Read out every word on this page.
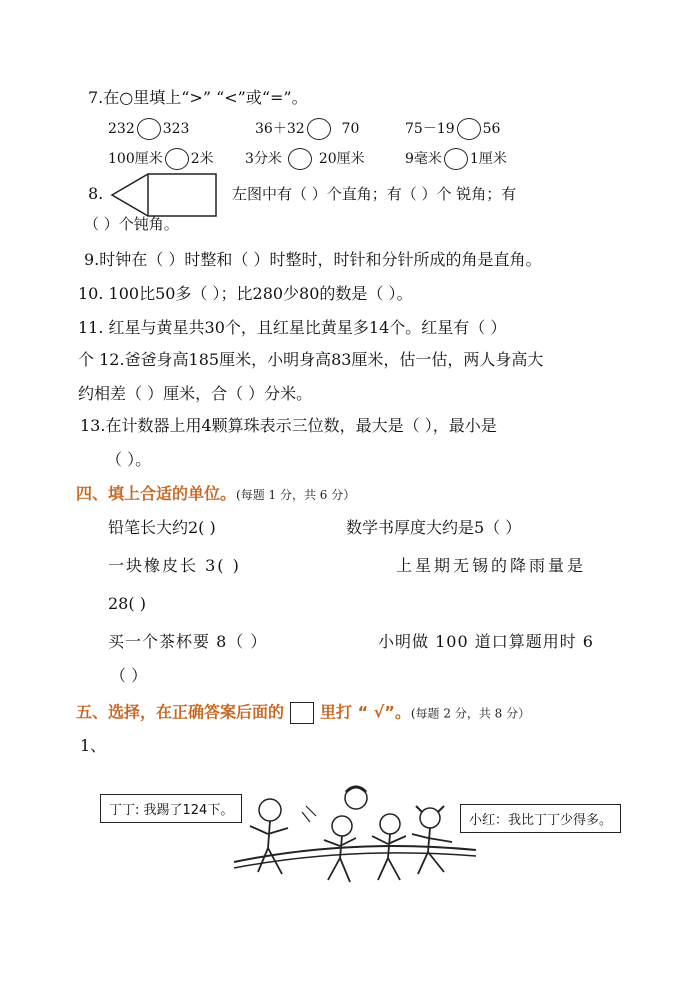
7.在○里填上“>” “<”或“=”。
232 323	36＋32	70	75－19 56
100厘米 2米 3分米	20厘米	9毫米 1厘米
8.	左图中有（ ）个直角；有（ ）个 锐角；有
（ ）个钝角。
9.时钟在（ ）时整和（ ）时整时，时针和分针所成的角是直角。
10. 100比50多（ ）；比280少80的数是（ ）。
11. 红星与黄星共30个，且红星比黄星多14个。红星有（ ）
个 12.爸爸身高185厘米，小明身高83厘米，估一估，两人身高大
约相差（ ）厘米，合（ ）分米。
13.在计数器上用4颗算珠表示三位数，最大是（ ），最小是
（ ）。
四、填上合适的单位。(每题 1 分，共 6 分）
铅笔长大约2( )	数学书厚度大约是5（ ）
一块橡皮长 3( )	上星期无锡的降雨量是
28( )
买一个茶杯要 8（ ）	小明做 100 道口算题用时 6
（ ）
五、选择，在正确答案后面的 里打 “ √”。(每题 2 分，共 8 分）
1、
丁丁: 我踢了124下。
小红：我比丁丁少得多。
